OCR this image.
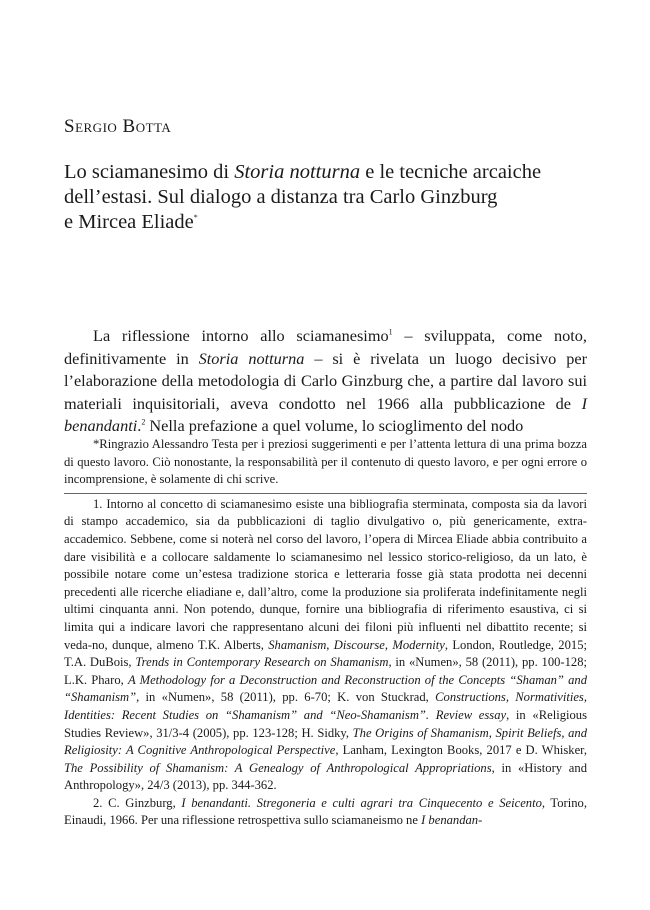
Sergio Botta
Lo sciamanesimo di Storia notturna e le tecniche arcaiche
dell’estasi. Sul dialogo a distanza tra Carlo Ginzburg
e Mircea Eliade*

La riflessione intorno allo sciamanesimo$^1$ – sviluppata, come noto, definitivamente in Storia notturna – si è rivelata un luogo decisivo per l’elaborazione della metodologia di Carlo Ginzburg che, a partire dal lavoro sui materiali inquisitoriali, aveva condotto nel 1966 alla pubblicazione de I benandanti.$^2$ Nella prefazione a quel volume, lo scioglimento del nodo

*Ringrazio Alessandro Testa per i preziosi suggerimenti e per l’attenta lettura di una prima bozza di questo lavoro. Ciò nonostante, la responsabilità per il contenuto di questo lavoro, e per ogni errore o incomprensione, è solamente di chi scrive.

1. Intorno al concetto di sciamanesimo esiste una bibliografia sterminata, composta sia da lavori di stampo accademico, sia da pubblicazioni di taglio divulgativo o, più genericamente, extra-accademico. Sebbene, come si noterà nel corso del lavoro, l’opera di Mircea Eliade abbia contribuito a dare visibilità e a collocare saldamente lo sciamanesimo nel lessico storico-religioso, da un lato, è possibile notare come un’estesa tradizione storica e letteraria fosse già stata prodotta nei decenni precedenti alle ricerche eliadiane e, dall’altro, come la produzione sia proliferata indefinitamente negli ultimi cinquanta anni. Non potendo, dunque, fornire una bibliografia di riferimento esaustiva, ci si limita qui a indicare lavori che rappresentano alcuni dei filoni più influenti nel dibattito recente; si veda-no, dunque, almeno T.K. Alberts, Shamanism, Discourse, Modernity, London, Routledge, 2015; T.A. DuBois, Trends in Contemporary Research on Shamanism, in «Numen», 58 (2011), pp. 100-128; L.K. Pharo, A Methodology for a Deconstruction and Reconstruction of the Concepts “Shaman” and “Shamanism”, in «Numen», 58 (2011), pp. 6-70; K. von Stuckrad, Constructions, Normativities, Identities: Recent Studies on “Shamanism” and “Neo-Shamanism”. Review essay, in «Religious Studies Review», 31/3-4 (2005), pp. 123-128; H. Sidky, The Origins of Shamanism, Spirit Beliefs, and Religiosity: A Cognitive Anthropological Perspective, Lanham, Lexington Books, 2017 e D. Whisker, The Possibility of Shamanism: A Genealogy of Anthropological Appropriations, in «History and Anthropology», 24/3 (2013), pp. 344-362.

2. C. Ginzburg, I benandanti. Stregoneria e culti agrari tra Cinquecento e Seicento, Torino, Einaudi, 1966. Per una riflessione retrospettiva sullo sciamaneismo ne I benandan-
